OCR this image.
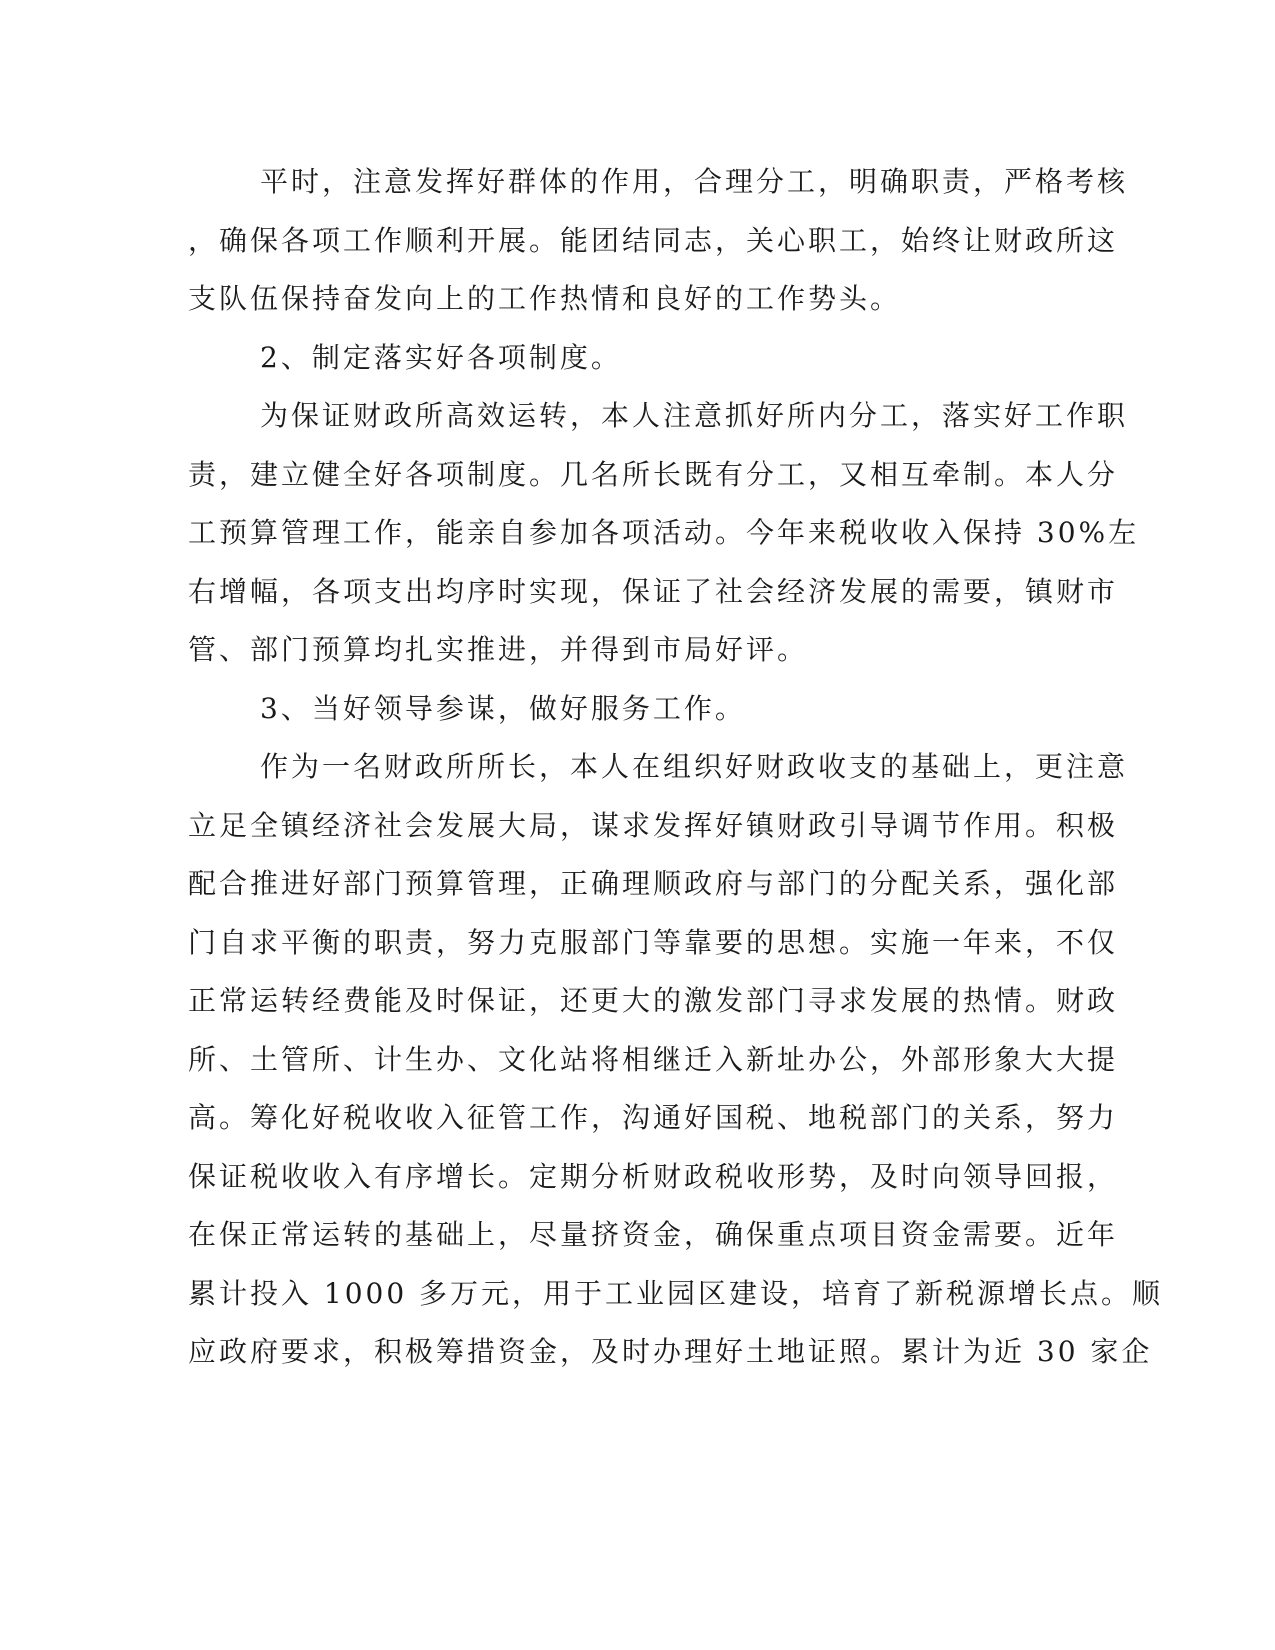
平时，注意发挥好群体的作用，合理分工，明确职责，严格考核
，确保各项工作顺利开展。能团结同志，关心职工，始终让财政所这
支队伍保持奋发向上的工作热情和良好的工作势头。
2、制定落实好各项制度。
为保证财政所高效运转，本人注意抓好所内分工，落实好工作职
责，建立健全好各项制度。几名所长既有分工，又相互牵制。本人分
工预算管理工作，能亲自参加各项活动。今年来税收收入保持 30%左
右增幅，各项支出均序时实现，保证了社会经济发展的需要，镇财市
管、部门预算均扎实推进，并得到市局好评。
3、当好领导参谋，做好服务工作。
作为一名财政所所长，本人在组织好财政收支的基础上，更注意
立足全镇经济社会发展大局，谋求发挥好镇财政引导调节作用。积极
配合推进好部门预算管理，正确理顺政府与部门的分配关系，强化部
门自求平衡的职责，努力克服部门等靠要的思想。实施一年来，不仅
正常运转经费能及时保证，还更大的激发部门寻求发展的热情。财政
所、土管所、计生办、文化站将相继迁入新址办公，外部形象大大提
高。筹化好税收收入征管工作，沟通好国税、地税部门的关系，努力
保证税收收入有序增长。定期分析财政税收形势，及时向领导回报，
在保正常运转的基础上，尽量挤资金，确保重点项目资金需要。近年
累计投入 1000 多万元，用于工业园区建设，培育了新税源增长点。顺
应政府要求，积极筹措资金，及时办理好土地证照。累计为近 30 家企
